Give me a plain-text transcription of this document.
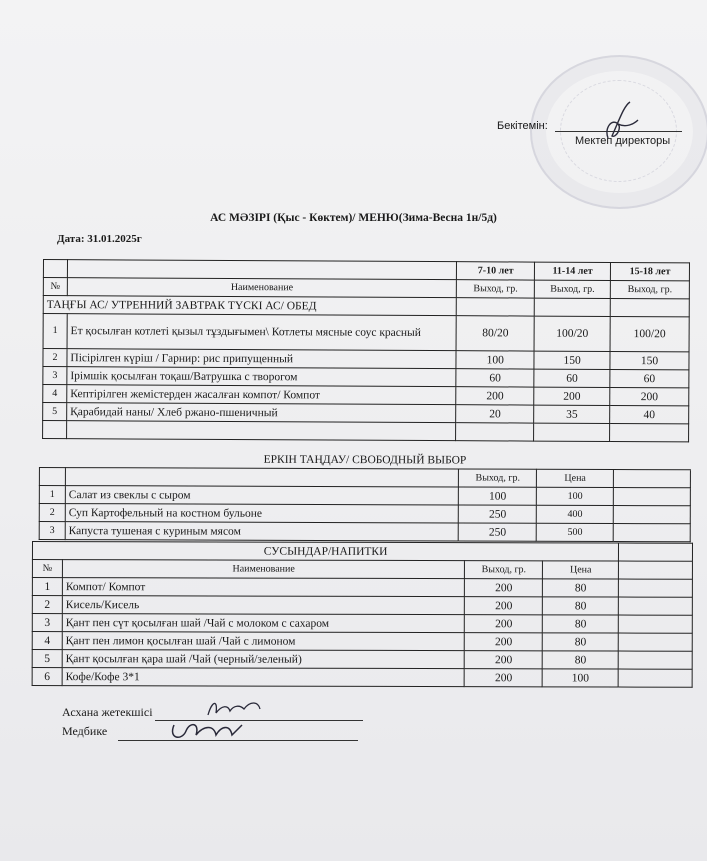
Бекітемін:
Мектеп директоры
АС МӘЗІРІ (Қыс - Көктем)/ МЕНЮ(Зима-Весна 1н/5д)
Дата: 31.01.2025г
		7-10 лет	11-14 лет	15-18 лет
№	Наименование	Выход, гр.	Выход, гр.	Выход, гр.
ТАҢҒЫ АС/ УТРЕННИЙ ЗАВТРАК ТҮСКІ АС/ ОБЕД				
1	Ет қосылған котлеті қызыл тұздығымен\ Котлеты мясные соус красный	80/20	100/20	100/20
2	Пісірілген күріш / Гарнир: рис припущенный	100	150	150
3	Ірімшік қосылған тоқаш/Ватрушка с творогом	60	60	60
4	Кептірілген жемістерден жасалған компот/ Компот	200	200	200
5	Қарабидай наны/ Хлеб ржано-пшеничный	20	35	40

ЕРКІН ТАҢДАУ/ СВОБОДНЫЙ ВЫБОР				
		Выход, гр.	Цена	
1	Салат из свеклы с сыром	100	100	
2	Суп Картофельный на костном бульоне	250	400	
3	Капуста тушеная с куриным мясом	250	500	
СУСЫНДАР/НАПИТКИ				
№	Наименование	Выход, гр.	Цена	
1	Компот/ Компот	200	80	
2	Кисель/Кисель	200	80	
3	Қант пен сүт қосылған шай /Чай с молоком с сахаром	200	80	
4	Қант пен лимон қосылған шай /Чай с лимоном	200	80	
5	Қант қосылған қара шай /Чай (черный/зеленый)	200	80	
6	Кофе/Кофе 3*1	200	100	
Асхана жетекшісі
Медбике
